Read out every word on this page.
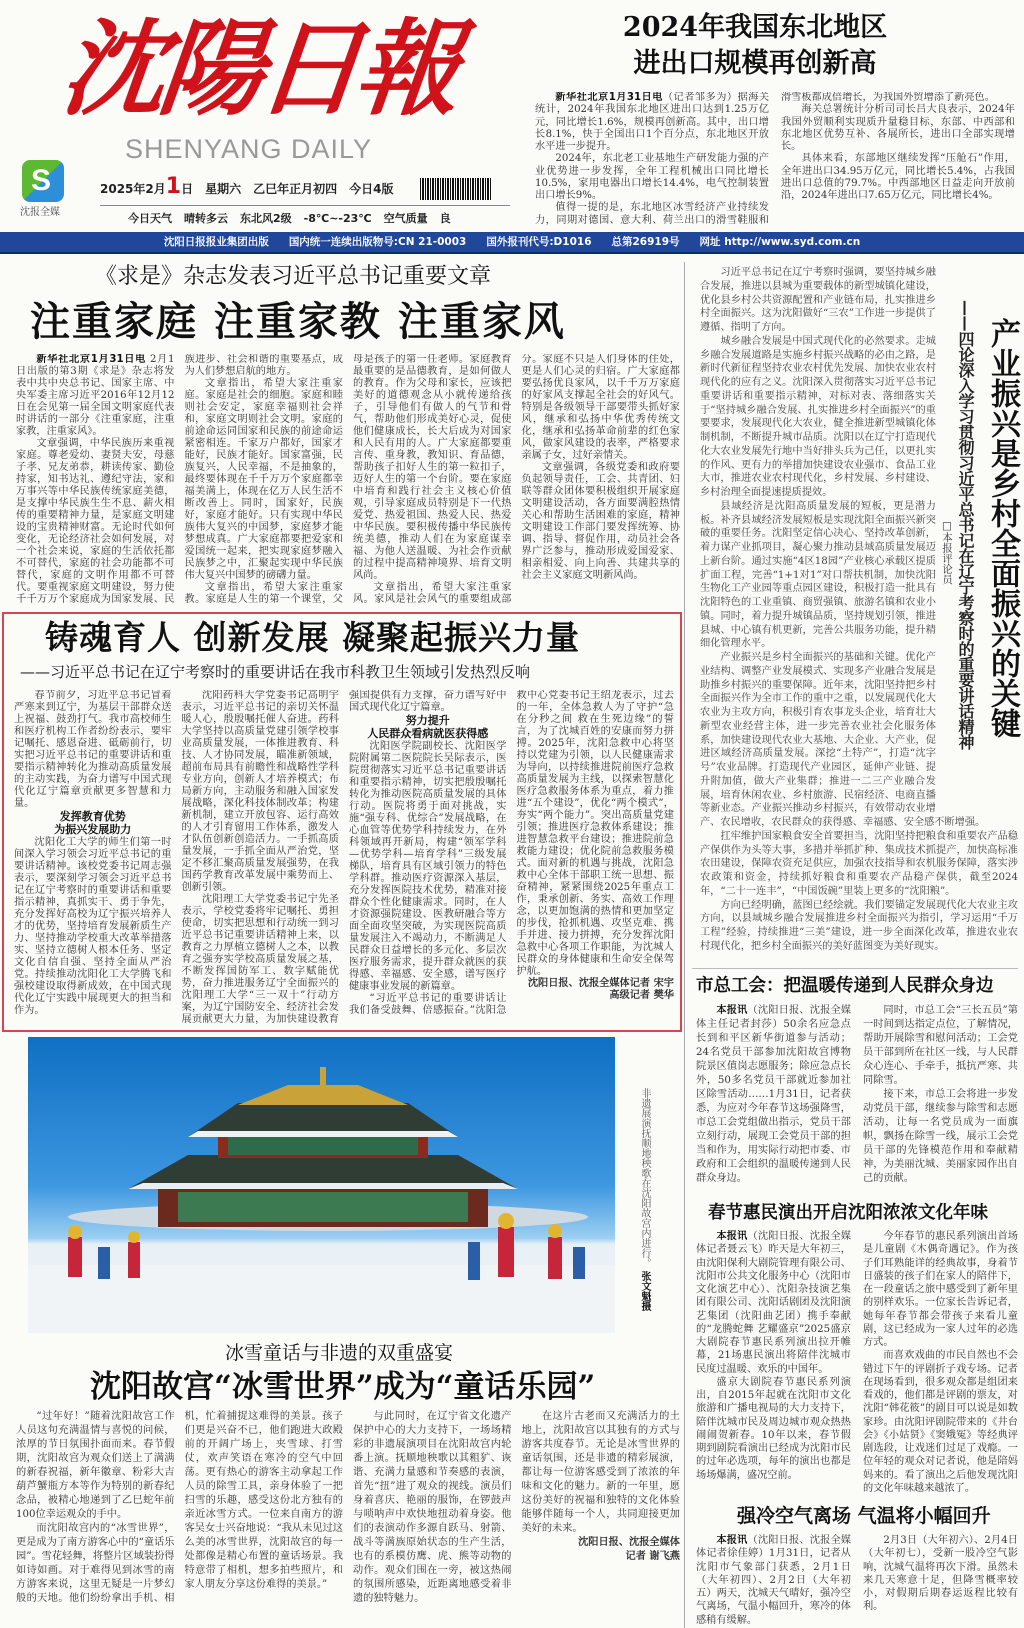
沈陽日報
SHENYANG DAILY
S
沈报全媒
2025年2月1日 星期六 乙巳年正月初四 今日4版
今日天气 晴转多云 东北风2级 -8℃~-23℃ 空气质量 良
2024年我国东北地区
进出口规模再创新高

新华社北京1月31日电（记者邹多为）据海关统计，2024年我国东北地区进出口达到1.25万亿元，同比增长1.6%，规模再创新高。其中，出口增长8.1%，快于全国出口1个百分点，东北地区开放水平进一步提升。

2024年，东北老工业基地生产研发能力强的产业优势进一步发挥，全年工程机械出口同比增长10.5%，家用电器出口增长14.4%，电气控制装置出口增长9%。

值得一提的是，东北地区冰雪经济产业持续发力，同期对德国、意大利、荷兰出口的滑雪鞋服和滑雪板都成倍增长，为我国外贸增添了新亮色。

海关总署统计分析司司长吕大良表示，2024年我国外贸顺利实现质升量稳目标，东部、中西部和东北地区优势互补、各展所长，进出口全部实现增长。

具体来看，东部地区继续发挥“压舱石”作用，全年进出口34.95万亿元，同比增长5.4%，占我国进出口总值的79.7%。中西部地区日益走向开放前沿，2024年进出口7.65万亿元，同比增长4%。

沈阳日报报业集团出版 国内统一连续出版物号:CN 21-0003 国外报刊代号:D1016 总第26919号 网址 http://www.syd.com.cn
《求是》杂志发表习近平总书记重要文章
注重家庭 注重家教 注重家风

新华社北京1月31日电 2月1日出版的第3期《求是》杂志将发表中共中央总书记、国家主席、中央军委主席习近平2016年12月12日在会见第一届全国文明家庭代表时讲话的一部分《注重家庭，注重家教，注重家风》。

文章强调，中华民族历来重视家庭。尊老爱幼、妻贤夫安，母慈子孝、兄友弟恭，耕读传家、勤俭持家，知书达礼、遵纪守法，家和万事兴等中华民族传统家庭美德，是支撑中华民族生生不息、薪火相传的重要精神力量，是家庭文明建设的宝贵精神财富。无论时代如何变化，无论经济社会如何发展，对一个社会来说，家庭的生活依托都不可替代，家庭的社会功能都不可替代，家庭的文明作用都不可替代。要重视家庭文明建设，努力使千千万万个家庭成为国家发展、民族进步、社会和谐的重要基点，成为人们梦想启航的地方。

文章指出，希望大家注重家庭。家庭是社会的细胞。家庭和睦则社会安定，家庭幸福则社会祥和，家庭文明则社会文明。家庭的前途命运同国家和民族的前途命运紧密相连。千家万户都好，国家才能好，民族才能好。国家富强，民族复兴，人民幸福，不是抽象的，最终要体现在千千万万个家庭都幸福美满上，体现在亿万人民生活不断改善上。同时，国家好，民族好，家庭才能好。只有实现中华民族伟大复兴的中国梦，家庭梦才能梦想成真。广大家庭都要把爱家和爱国统一起来，把实现家庭梦融入民族梦之中，汇聚起实现中华民族伟大复兴中国梦的磅礴力量。

文章指出，希望大家注重家教。家庭是人生的第一个课堂，父母是孩子的第一任老师。家庭教育最重要的是品德教育，是如何做人的教育。作为父母和家长，应该把美好的道德观念从小就传递给孩子，引导他们有做人的气节和骨气，帮助他们形成美好心灵，促使他们健康成长，长大后成为对国家和人民有用的人。广大家庭都要重言传、重身教，教知识、育品德，帮助孩子扣好人生的第一粒扣子，迈好人生的第一个台阶。要在家庭中培育和践行社会主义核心价值观，引导家庭成员特别是下一代热爱党、热爱祖国、热爱人民、热爱中华民族。要积极传播中华民族传统美德，推动人们在为家庭谋幸福、为他人送温暖、为社会作贡献的过程中提高精神境界、培育文明风尚。

文章指出，希望大家注重家风。家风是社会风气的重要组成部分。家庭不只是人们身体的住处，更是人们心灵的归宿。广大家庭都要弘扬优良家风，以千千万万家庭的好家风支撑起全社会的好风气。特别是各级领导干部要带头抓好家风，继承和弘扬中华优秀传统文化，继承和弘扬革命前辈的红色家风，做家风建设的表率，严格要求亲属子女，过好亲情关。

文章强调，各级党委和政府要负起领导责任，工会、共青团、妇联等群众团体要积极组织开展家庭文明建设活动，各方面要满腔热情关心和帮助生活困难的家庭，精神文明建设工作部门要发挥统筹、协调、指导、督促作用，动员社会各界广泛参与，推动形成爱国爱家、相亲相爱、向上向善、共建共享的社会主义家庭文明新风尚。

铸魂育人 创新发展 凝聚起振兴力量
——习近平总书记在辽宁考察时的重要讲话在我市科教卫生领域引发热烈反响

春节前夕，习近平总书记冒着严寒来到辽宁，为基层干部群众送上祝福、鼓劲打气。我市高校师生和医疗机构工作者纷纷表示，要牢记嘱托、感恩奋进、砥砺前行，切实把习近平总书记的重要讲话和重要指示精神转化为推动高质量发展的主动实践，为奋力谱写中国式现代化辽宁篇章贡献更多智慧和力量。

发挥教育优势
为振兴发展助力

沈阳化工大学的师生们第一时间深入学习领会习近平总书记的重要讲话精神。该校党委书记周志强表示，要深刻学习领会习近平总书记在辽宁考察时的重要讲话和重要指示精神，真抓实干、勇于争先，充分发挥好高校为辽宁振兴培养人才的优势，坚持培育发展新质生产力、坚持推动学校重大改革举措落实、坚持立德树人根本任务、坚定文化自信自强、坚持全面从严治党。持续推动沈阳化工大学腾飞和强校建设取得新成效，在中国式现代化辽宁实践中展现更大的担当和作为。

沈阳药科大学党委书记高明宇表示，习近平总书记的亲切关怀温暖人心，殷殷嘱托催人奋进。药科大学坚持以高质量党建引领学校事业高质量发展，一体推进教育、科技、人才协同发展，瞄准新领域，超前布局具有前瞻性和战略性学科专业方向，创新人才培养模式；布局新方向，主动服务和融入国家发展战略，深化科技体制改革；构建新机制，建立开放包容、运行高效的人才引育留用工作体系，激发人才队伍创新创造活力。一手抓高质量发展，一手抓全面从严治党，坚定不移汇聚高质量发展强势，在我国药学教育改革发展中乘势而上、创新引领。

沈阳理工大学党委书记宁先圣表示，学校党委将牢记嘱托、勇担使命，切实把思想和行动统一到习近平总书记重要讲话精神上来，以教育之力厚植立德树人之本，以教育之强夯实学校高质量发展之基，不断发挥国防军工、数字赋能优势，奋力推进服务辽宁全面振兴的沈阳理工大学“三一双十”行动方案，为辽宁国防安全、经济社会发展贡献更大力量，为加快建设教育强国提供有力支撑，奋力谱写好中国式现代化辽宁篇章。

努力提升
人民群众看病就医获得感

沈阳医学院副校长、沈阳医学院附属第二医院院长吴际表示，医院贯彻落实习近平总书记重要讲话和重要指示精神，切实把殷殷嘱托转化为推动医院高质量发展的具体行动。医院将勇于面对挑战，实施“强专科、优综合”发展战略，在心血管等优势学科持续发力，在外科领域再开新局，构建“领军学科—优势学科—培育学科”三级发展梯队，培育具有区域引领力的特色学科群。推动医疗资源深入基层，充分发挥医院技术优势，精准对接群众个性化健康需求。同时，在人才资源强院建设、医教研融合等方面全面攻坚突破，为实现医院高质量发展注入不竭动力，不断满足人民群众日益增长的多元化、多层次医疗服务需求，提升群众就医的获得感、幸福感、安全感，谱写医疗健康事业发展的新篇章。

“习近平总书记的重要讲话让我们备受鼓舞、倍感振奋。”沈阳急救中心党委书记王绍龙表示，过去的一年，全体急救人为了守护“急在分秒之间 救在生死边缘”的誓言，为了沈城百姓的安康而努力拼搏。2025年，沈阳急救中心将坚持以党建为引领，以人民健康需求为导向，以持续推进院前医疗急救高质量发展为主线，以探索智慧化医疗急救服务体系为重点，着力推进“五个建设”，优化“两个模式”，夯实“两个能力”。突出高质量党建引领；推进医疗急救体系建设；推进智慧急救平台建设；推进院前急救能力建设；优化院前急救服务模式。面对新的机遇与挑战，沈阳急救中心全体干部职工统一思想、振奋精神，紧紧围绕2025年重点工作，秉承创新、务实、高效工作理念，以更加饱满的热情和更加坚定的步伐，抢抓机遇、攻坚克难、携手并进、接力拼搏，充分发挥沈阳急救中心各项工作职能，为沈城人民群众的身体健康和生命安全保驾护航。

沈阳日报、沈报全媒体记者 宋宇

高级记者 樊华

非遗展演抚顺地秧歌在沈阳故宫内进行。 张文魁摄
冰雪童话与非遗的双重盛宴
沈阳故宫“冰雪世界”成为“童话乐园”

“过年好！”随着沈阳故宫工作人员这句充满温情与喜悦的问候，浓厚的节日氛围扑面而来。春节假期，沈阳故宫为观众们送上了满满的新春祝福，新年徽章、粉彩大吉葫芦蟹瓶方本等作为特别的新春纪念品，被精心地递到了乙巳蛇年前100位幸运观众的手中。

而沈阳故宫内的“冰雪世界”，更是成为了南方游客心中的“童话乐园”。雪花轻舞，将整片区域装扮得如诗如画。对于难得见到冰雪的南方游客来说，这里无疑是一片梦幻般的天地。他们纷纷拿出手机、相机，忙着捕捉这难得的美景。孩子们更是兴奋不已，他们跑进大政殿前的开阔广场上，夹雪球、打雪仗，欢声笑语在寒冷的空气中回荡。更有热心的游客主动拿起工作人员的除雪工具，亲身体验了一把扫雪的乐趣，感受这份北方独有的亲近冰雪方式。一位来自南方的游客吴女士兴奋地说：“我从未见过这么美的冰雪世界，沈阳故宫的每一处都像是精心布置的童话场景。我特意带了相机，想多拍些照片，和家人朋友分享这份难得的美景。”

与此同时，在辽宁省文化遗产保护中心的大力支持下，一场场精彩的非遗展演项目在沈阳故宫内轮番上演。抚顺地秧歌以其粗犷、诙谐、充满力量感和节奏感的表演，首先“扭”进了观众的视线。演员们身着喜庆、艳丽的服饰，在锣鼓声与唢呐声中欢快地扭动着身姿。他们的表演动作多源自跃马、射箭、战斗等满族原始状态的生产生活，也有的系模仿鹰、虎、熊等动物的动作。观众们围在一旁，被这热闹的氛围所感染，近距离地感受着非遗的独特魅力。

在这片古老而又充满活力的土地上，沈阳故宫以其独有的方式与游客共度春节。无论是冰雪世界的童话氛围，还是非遗的精彩展演，都让每一位游客感受到了浓浓的年味和文化的魅力。新的一年里，愿这份美好的祝福和独特的文化体验能够伴随每一个人，共同迎接更加美好的未来。

沈阳日报、沈报全媒体

记者 谢飞燕

习近平总书记在辽宁考察时强调，要坚持城乡融合发展，推进以县城为重要载体的新型城镇化建设，优化县乡村公共资源配置和产业链布局，扎实推进乡村全面振兴。这为沈阳做好“三农”工作进一步提供了遵循、指明了方向。

城乡融合发展是中国式现代化的必然要求。走城乡融合发展道路是实施乡村振兴战略的必由之路，是新时代新征程坚持农业农村优先发展、加快农业农村现代化的应有之义。沈阳深入贯彻落实习近平总书记重要讲话和重要指示精神，对标对表、落细落实关于“坚持城乡融合发展、扎实推进乡村全面振兴”的重要要求，发展现代化大农业，健全推进新型城镇化体制机制，不断提升城市品质。沈阳以在辽宁打造现代化大农业发展先行地中当好排头兵为己任，以更扎实的作风、更有力的举措加快建设农业强市、食品工业大市，推进农业农村现代化，乡村发展、乡村建设、乡村治理全面提速提质提效。

县域经济是沈阳高质量发展的短板，更是潜力板。补齐县域经济发展短板是实现沈阳全面振兴新突破的重要任务。沈阳坚定信心决心、坚持改革创新，着力谋产业抓项目，凝心聚力推动县域高质量发展迈上新台阶。通过实施“4区18园”产业核心承载区提质扩面工程，完善“1+1对1”对口帮扶机制，加快沈阳生物化工产业园等重点园区建设，积极打造一批具有沈阳特色的工业重镇、商贸强镇、旅游名镇和农业小镇。同时，着力提升城镇品质，坚持规划引领，推进县城、中心镇有机更新，完善公共服务功能，提升精细化管理水平。

产业振兴是乡村全面振兴的基础和关键。优化产业结构、调整产业发展模式、实现多产业融合发展是助推乡村振兴的重要保障。近年来，沈阳坚持把乡村全面振兴作为全市工作的重中之重，以发展现代化大农业为主攻方向，积极引育农事龙头企业，培育壮大新型农业经营主体，进一步完善农业社会化服务体系，加快建设现代农业大基地、大企业、大产业，促进区域经济高质量发展。深挖“土特产”，打造“沈字号”农业品牌。打造现代产业园区，延伸产业链、提升附加值，做大产业集群；推进一二三产业融合发展，培育休闲农业、乡村旅游、民宿经济、电商直播等新业态。产业振兴推动乡村振兴，有效带动农业增产、农民增收，农民群众的获得感、幸福感、安全感不断增强。

扛牢维护国家粮食安全首要担当，沈阳坚持把粮食和重要农产品稳产保供作为头等大事，多措并举抓扩种、集成技术抓提产，加快高标准农田建设，保障农资充足供应，加强农技指导和农机服务保障，落实涉农政策和资金，持续抓好粮食和重要农产品稳产保供，截至2024年，“二十一连丰”，“中国饭碗”里装上更多的“沈阳粮”。

方向已经明确，蓝图已经绘就。我们要锚定发展现代化大农业主攻方向，以县域城乡融合发展推进乡村全面振兴为指引，学习运用“千万工程”经验，持续推进“三美”建设，进一步全面深化改革，推进农业农村现代化，把乡村全面振兴的美好蓝图变为美好现实。

产业振兴是乡村全面振兴的关键
——四论深入学习贯彻习近平总书记在辽宁考察时的重要讲话精神
□本报评论员
市总工会：把温暖传递到人民群众身边

本报讯（沈阳日报、沈报全媒体主任记者封莎）50余名应急点长到和平区新华街道参与活动；24名党员干部参加沈阳故宫博物院景区值岗志愿服务；除应急点长外，50多名党员干部就近参加社区除雪活动……1月31日，记者获悉，为应对今年春节这场强降雪，市总工会党组做出指示，党员干部立刻行动，展现工会党员干部的担当和作为，用实际行动把市委、市政府和工会组织的温暖传递到人民群众身边。

同时，市总工会“三长五员”第一时间到达指定点位，了解情况，帮助开展除雪和慰问活动；工会党员干部到所在社区一线，与人民群众心连心、手牵手，抵抗严寒、共同除雪。

接下来，市总工会将进一步发动党员干部，继续参与除雪和志愿活动，让每一名党员成为一面旗帜，飘扬在除雪一线，展示工会党员干部的先锋模范作用和奉献精神，为美丽沈城、美丽家园作出自己的贡献。

春节惠民演出开启沈阳浓浓文化年味

本报讯（沈阳日报、沈报全媒体记者聂云飞）昨天是大年初三，由沈阳保利大剧院管理有限公司、沈阳市公共文化服务中心（沈阳市文化演艺中心）、沈阳杂技演艺集团有限公司、沈阳话剧团及沈阳演艺集团（沈阳曲艺团）携手奉献的“龙腾蛇舞 艺耀盛京”2025盛京大剧院春节惠民系列演出拉开帷幕，21场惠民演出将陪伴沈城市民度过温暖、欢乐的中国年。

盛京大剧院春节惠民系列演出，自2015年起就在沈阳市文化旅游和广播电视局的大力支持下，陪伴沈城市民及周边城市观众热热闹闹贺新春。10年以来，春节假期到剧院看演出已经成为沈阳市民的过年必选项，每年的演出也都是场场爆满，盛况空前。

今年春节的惠民系列演出首场是儿童剧《木偶奇遇记》。作为孩子们耳熟能详的经典故事，身着节日盛装的孩子们在家人的陪伴下，在一段童话之旅中感受到了新年里的别样欢乐。一位家长告诉记者，她每年春节都会带孩子来看儿童剧，这已经成为一家人过年的必选方式。

而喜欢戏曲的市民自然也不会错过下午的评剧折子戏专场。记者在现场看到，很多观众都是组团来看戏的，他们都是评剧的票友，对沈阳“韩花筱”的剧目可以说是如数家珍。由沈阳评剧院带来的《井台会》《小姑贤》《窦娥冤》等经典评剧选段，让戏迷们过足了戏瘾。一位年轻的观众对记者说，他是陪妈妈来的。看了演出之后他发现沈阳的文化年味越来越浓了。

强冷空气离场 气温将小幅回升

本报讯（沈阳日报、沈报全媒体记者徐佳婷）1月31日，记者从沈阳市气象部门获悉，2月1日（大年初四）、2月2日（大年初五）两天，沈城天气晴好，强冷空气离场，气温小幅回升，寒冷的体感稍有缓解。

2月3日（大年初六）、2月4日（大年初七），受新一股冷空气影响，沈城气温将再次下滑。虽然未来几天寒意十足，但降雪概率较小，对假期后期春运返程比较有利。
